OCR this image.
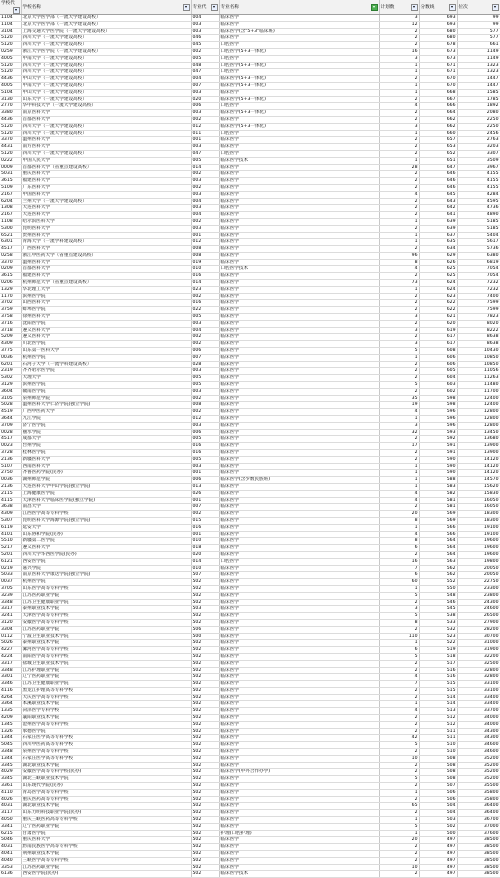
学校代
▾	学校名称 ▾	专业代 ▾	专业名称 ▾	计划数 ▾	分数线 ▾	位次 ▾

1104	北京大学医学部（一流大学建设高校）	004	临床医学	3	693	99
1104	北京大学医学部（一流大学建设高校）	003	临床医学	12	693	99
3104	上海交通大学医学院（一流大学建设高校）	003	临床医学(含"5+3"临床班)	2	680	577
5120	四川大学（一流大学建设高校）	046	临床医学	2	680	577
5120	四川大学（一流大学建设高校）	045	口腔医学	2	678	661
0259	浙江大学医学院（一流大学建设高校）	002	口腔医学(5+3一体化)	16	673	1149
4005	中南大学（一流大学建设高校）	005	口腔医学	3	673	1149
5120	四川大学（一流大学建设高校）	048	口腔医学(5+3一体化)	1	671	1323
5120	四川大学（一流大学建设高校）	047	口腔医学	1	671	1323
4436	中山大学（一流大学建设高校）	004	临床医学(5+3一体化)	2	670	1447
4005	中南大学（一流大学建设高校）	007	临床医学(5+3一体化)	1	670	1447
5104	中山大学（一流大学建设高校）	003	临床医学	1	668	1585
3130	山东大学（一流大学建设高校）	020	临床医学(5+3一体化)	2	667	1785
2770	华中科技大学（一流大学建设高校）	006	口腔医学	4	666	1892
3380	南京医科大学	003	临床医学(5+3一体化)	2	664	2080
4436	首都医科大学	002	临床医学	2	662	2250
5120	四川大学（一流大学建设高校）	012	临床医学(5+3一体化)	3	662	2250
5120	四川大学（一流大学建设高校）	011	口腔医学	1	660	2456
3370	温州医科大学	001	临床医学	2	657	2763
4431	南方医科大学	003	临床医学	2	653	3203
5120	四川大学（一流大学建设高校）	047	口腔医学	2	652	3307
0222	中国人民大学	005	临床医学技术	1	651	3509
0009	首都医科大学（省重点建设高校）	014	临床医学	28	647	3967
5031	重庆医科大学	002	临床医学	2	646	4155
3615	福建医科大学	003	临床医学	2	646	4155
5109	广东医科大学	002	临床医学	2	646	4155
2167	中国医科大学	003	临床医学	4	645	4284
6204	兰州大学（一流大学建设高校）	004	临床医学	2	643	4595
1308	大连医科大学	003	临床医学	2	642	4736
2167	大连医科大学	004	临床医学	2	641	4890
1108	哈尔滨医科大学	002	临床医学	1	639	5185
5300	昆明医科大学	003	临床医学	2	639	5185
6521	贵州医科大学	001	临床医学	1	637	5404
6301	青海大学（一流学科建设高校）	012	临床医学	1	635	5617
4517	广西医科大学	008	临床医学	2	634	5736
0258	浙江中医药大学（省重点建设高校）	008	临床医学	96	629	6380
3370	温州医科大学	019	临床医学	8	626	6819
0209	首都医科大学	010	口腔医学技术	4	625	7054
3615	福建医科大学	016	临床医学	2	625	7054
0206	杭州师范大学（省重点建设高校）	014	临床医学	73	624	7232
1329	华北理工大学	023	临床医学	1	624	7232
1170	滨州医学院	002	临床医学	2	623	7400
3702	山西医科大学	016	临床医学	2	622	7599
3759	蚌埠医学院	022	临床医学	2	622	7599
3758	徐州医科大学	005	临床医学	3	621	7823
3716	沈阳医学院	003	临床医学	2	620	8020
3718	遵义医科大学	004	临床医学	3	619	8222
5209	遵义医科大学	002	临床医学	2	617	8638
4309	川北医学院	002	临床医学	3	617	8638
3775	山东第一医科大学	006	临床医学	5	608	10430
0036	杭州医学院	007	临床医学	1	606	10850
6201	石河子大学（一流学科建设高校）	028	临床医学	2	606	10850
2319	齐齐哈尔医学院	003	临床医学	2	605	11056
5302	大理大学	005	临床医学	2	604	11263
3129	滨州医学院	005	临床医学	5	603	11480
3604	赣南医学院	003	临床医学	2	602	11700
3105	泉州师范学院	002	临床医学	35	598	12400
5028	温州医科大学仁济学院(独立学院)	008	临床医学	19	598	12400
4519	广西中医药大学	002	临床医学	4	596	12800
3644	九江学院	012	临床医学	1	596	12800
3709	济宁医学院	003	临床医学	3	596	12800
0028	丽水学院	006	临床医学	32	593	13450
4517	成都大学	005	临床医学	2	592	13680
0023	台州学院	016	临床医学	17	591	13900
3728	桂林医学院	016	临床医学	2	591	13900
2136	新疆医科大学	005	临床医学	2	590	14120
5107	西南医科大学	003	临床医学	1	590	14120
2750	齐鲁医药学院(民办)	001	临床医学	1	590	14120
0036	湖州师范学院	006	临床医学(含少数民族班)	1	588	14570
2136	大连医科大学中山学院(独立学院)	013	临床医学	1	583	15620
2115	上海健康医学院	026	临床医学	4	582	15830
4115	天津医科大学临床医学院(独立学院)	001	临床医学	4	581	16050
3638	南昌大学	007	临床医学	2	581	16050
4309	江西医学高等专科学校	002	临床医学	20	569	18300
5307	昆明医科大学海源学院(独立学院)	015	临床医学	8	569	18300
6119	延安大学	016	临床医学	1	566	19100
4101	山东协和学院(民办)	001	临床医学	4	566	19100
5510	新疆第二医学院	010	临床医学	8	564	19600
5217	遵义医科大学	018	临床医学	6	564	19600
5201	四川大学华西医学院(民办)	020	临床医学	2	564	19600
6121	西安医学院	014	口腔医学	16	563	19800
0219	嘉兴学院	010	临床医学	7	562	20050
5033	南京医科大学康达学院(独立学院)	507	临床医学	6	562	20050
0037	杭州医学院	502	临床医学	60	552	22750
3705	山东医学高等专科学校	502	临床医学	1	550	23300
3239	江苏医药职业学院	502	临床医学	5	548	23800
3348	江苏卫生健康职业学院	502	临床医学	2	546	24300
3317	泰州职业技术学院	503	临床医学	3	545	24600
3241	天津医学高等专科学校	502	临床医学	5	538	26500
3120	安徽医学高等专科学校	502	临床医学	8	533	27900
3304	江苏医药职业学院	506	临床医学	2	532	28200
0112	宁波卫生职业技术学院	500	临床医学	110	523	30700
5026	泰州职业技术学院	502	临床医学	1	522	31000
4227	漯河医学高等专科学校	502	临床医学	6	519	31900
4224	南阳医学高等专科学校	502	临床医学	5	518	32200
3317	盐城卫生职业技术学院	502	临床医学	2	517	32500
3348	江苏护理职业学院	502	临床医学	2	516	32800
3301	辽宁医药职业学院	502	临床医学	4	516	32800
3346	江苏卫生健康职业学院	502	临床医学	7	515	33100
4116	黑龙江护理高等专科学校	502	临床医学	2	515	33100
4264	大庆医学高等专科学校	502	临床医学	2	514	33400
3364	本溪职业技术学院	502	临床医学	1	514	33400
1335	菏泽医学专科学校	502	临床医学	4	513	33700
4209	襄阳职业技术学院	502	临床医学	2	512	34000
1345	沧州医学高等专科学校	502	临床医学	2	512	34000
1326	承德医学院	502	临床医学	2	511	34300
1344	石家庄医学高等专科学校	502	临床医学	42	511	34300
5045	四川中医药高等专科学校	502	临床医学	5	510	34600
3348	泉州医学高等专科学校	502	临床医学	2	510	34600
1344	石家庄医学高等专科学校	502	临床医学	10	508	35200
3345	湖北职业技术学院	502	临床医学	2	508	35200
4029	安徽医学高等专科学校(民办)	502	临床医学(中外合作办学)	2	508	35200
3345	湖北三峡职业技术学院	502	临床医学	5	508	35200
3361	山东现代学院(民办)	502	临床医学	2	507	35500
4110	青岛医学高等专科学校	502	临床医学	1	506	35800
4026	重庆医药高等专科学校	502	临床医学	2	506	35800
4031	湖北职业技术学院	502	临床医学	65	504	36400
3117	山东力明科技职业学院(民办)	502	临床医学	2	504	36400
4050	重庆三峡医药高等专科学校	502	临床医学	1	503	36700
3341	辽宁医药职业学院	502	临床医学	5	502	37000
6215	甘肃医学院	502	护理(口腔护理)	1	500	37600
5046	重庆医科大学	502	临床医学	20	497	38500
4031	黔南民族医学高等专科学校	502	临床医学	2	497	38500
4041	荆州职业技术学院	502	临床医学	2	497	38500
4040	三峡医学高等专科学校	502	临床医学	2	497	38500
3353	江苏医药职业学院	502	临床医学	10	497	38500
6136	西安医学院(民办)	502	临床医学技术	2	497	38500
